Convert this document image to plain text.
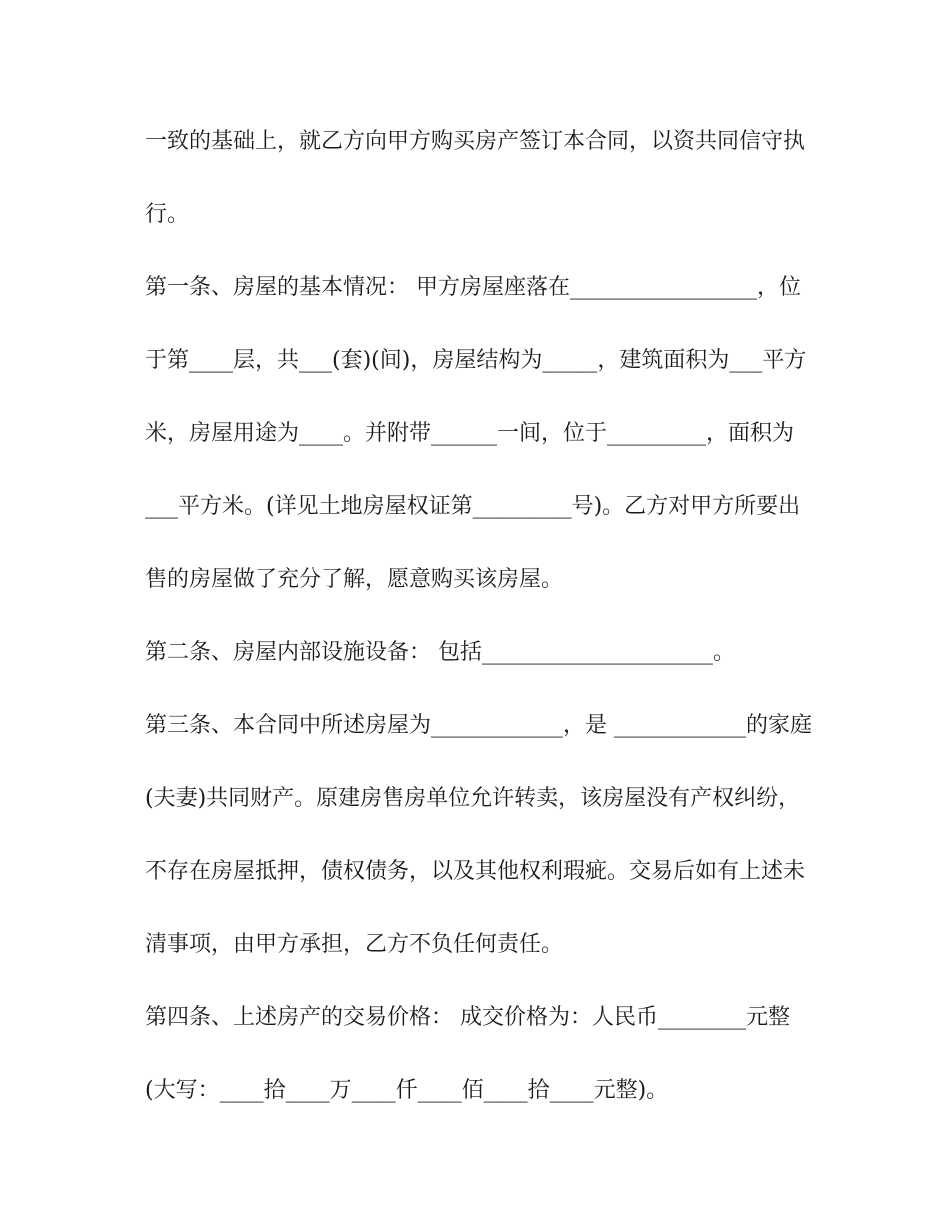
一致的基础上，就乙方向甲方购买房产签订本合同，以资共同信守执
行。
第一条、房屋的基本情况： 甲方房屋座落在_________________，位
于第____层，共___(套)(间)，房屋结构为_____，建筑面积为___平方
米，房屋用途为____。并附带______一间，位于_________，面积为
___平方米。(详见土地房屋权证第_________号)。乙方对甲方所要出
售的房屋做了充分了解，愿意购买该房屋。
第二条、房屋内部设施设备： 包括_____________________。
第三条、本合同中所述房屋为____________，是 ____________的家庭
(夫妻)共同财产。原建房售房单位允许转卖，该房屋没有产权纠纷，
不存在房屋抵押，债权债务，以及其他权利瑕疵。交易后如有上述未
清事项，由甲方承担，乙方不负任何责任。
第四条、上述房产的交易价格： 成交价格为：人民币________元整
(大写：____拾____万____仟____佰____拾____元整)。
